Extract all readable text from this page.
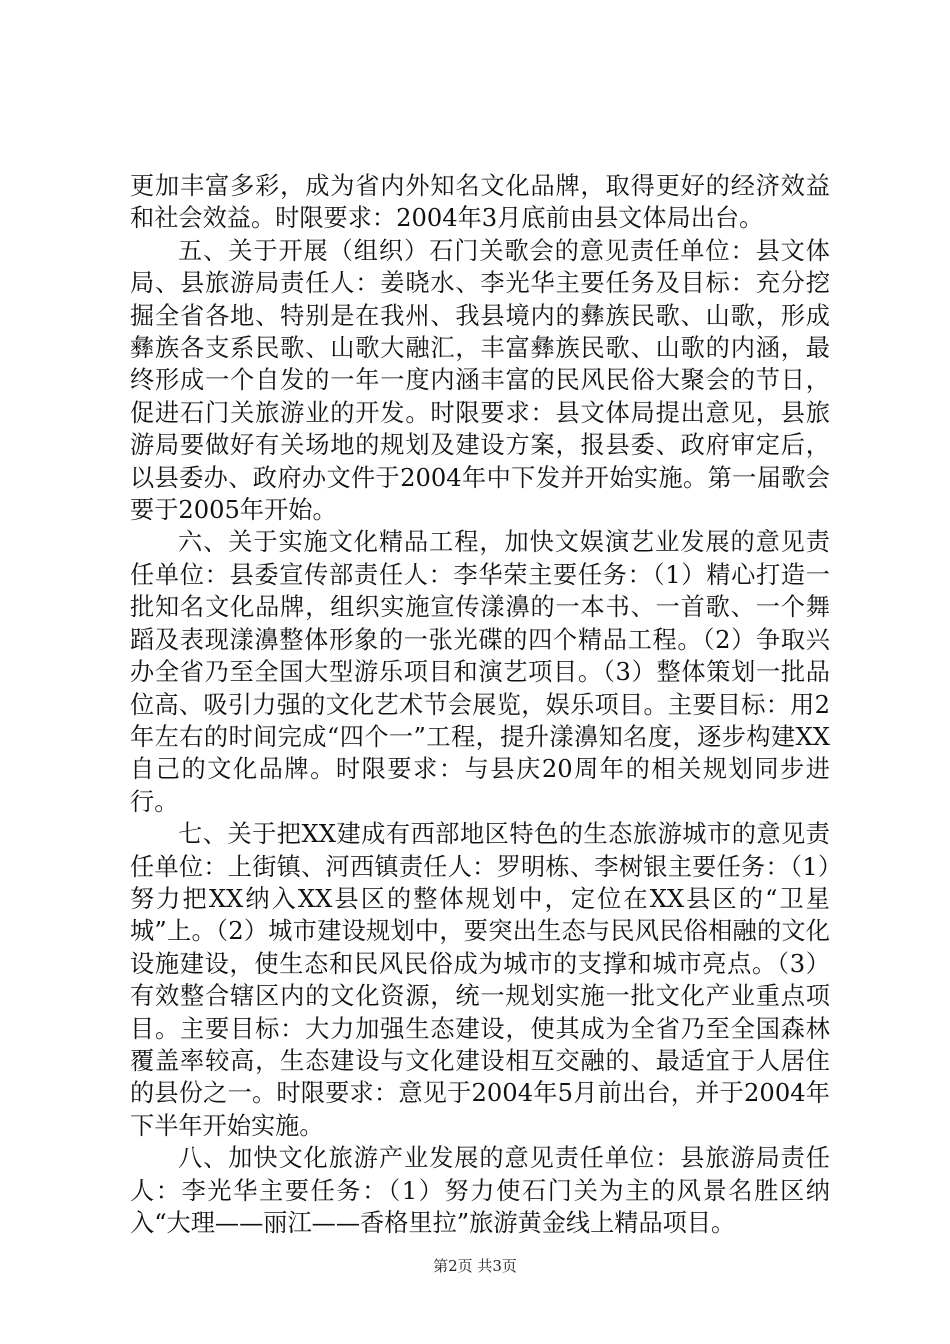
更加丰富多彩，成为省内外知名文化品牌，取得更好的经济效益和社会效益。时限要求：2004年3月底前由县文体局出台。

五、关于开展（组织）石门关歌会的意见责任单位：县文体局、县旅游局责任人：姜晓水、李光华主要任务及目标：充分挖掘全省各地、特别是在我州、我县境内的彝族民歌、山歌，形成彝族各支系民歌、山歌大融汇，丰富彝族民歌、山歌的内涵，最终形成一个自发的一年一度内涵丰富的民风民俗大聚会的节日，促进石门关旅游业的开发。时限要求：县文体局提出意见，县旅游局要做好有关场地的规划及建设方案，报县委、政府审定后，以县委办、政府办文件于2004年中下发并开始实施。第一届歌会要于2005年开始。

六、关于实施文化精品工程，加快文娱演艺业发展的意见责任单位：县委宣传部责任人：李华荣主要任务：（1）精心打造一批知名文化品牌，组织实施宣传漾濞的一本书、一首歌、一个舞蹈及表现漾濞整体形象的一张光碟的四个精品工程。（2）争取兴办全省乃至全国大型游乐项目和演艺项目。（3）整体策划一批品位高、吸引力强的文化艺术节会展览，娱乐项目。主要目标：用2年左右的时间完成“四个一”工程，提升漾濞知名度，逐步构建XX自己的文化品牌。时限要求：与县庆20周年的相关规划同步进行。

七、关于把XX建成有西部地区特色的生态旅游城市的意见责任单位：上街镇、河西镇责任人：罗明栋、李树银主要任务：（1）努力把XX纳入XX县区的整体规划中，定位在XX县区的“卫星城”上。（2）城市建设规划中，要突出生态与民风民俗相融的文化设施建设，使生态和民风民俗成为城市的支撑和城市亮点。（3）有效整合辖区内的文化资源，统一规划实施一批文化产业重点项目。主要目标：大力加强生态建设，使其成为全省乃至全国森林覆盖率较高，生态建设与文化建设相互交融的、最适宜于人居住的县份之一。时限要求：意见于2004年5月前出台，并于2004年下半年开始实施。

八、加快文化旅游产业发展的意见责任单位：县旅游局责任人：李光华主要任务：（1）努力使石门关为主的风景名胜区纳入“大理——丽江——香格里拉”旅游黄金线上精品项目。

第2页 共3页
